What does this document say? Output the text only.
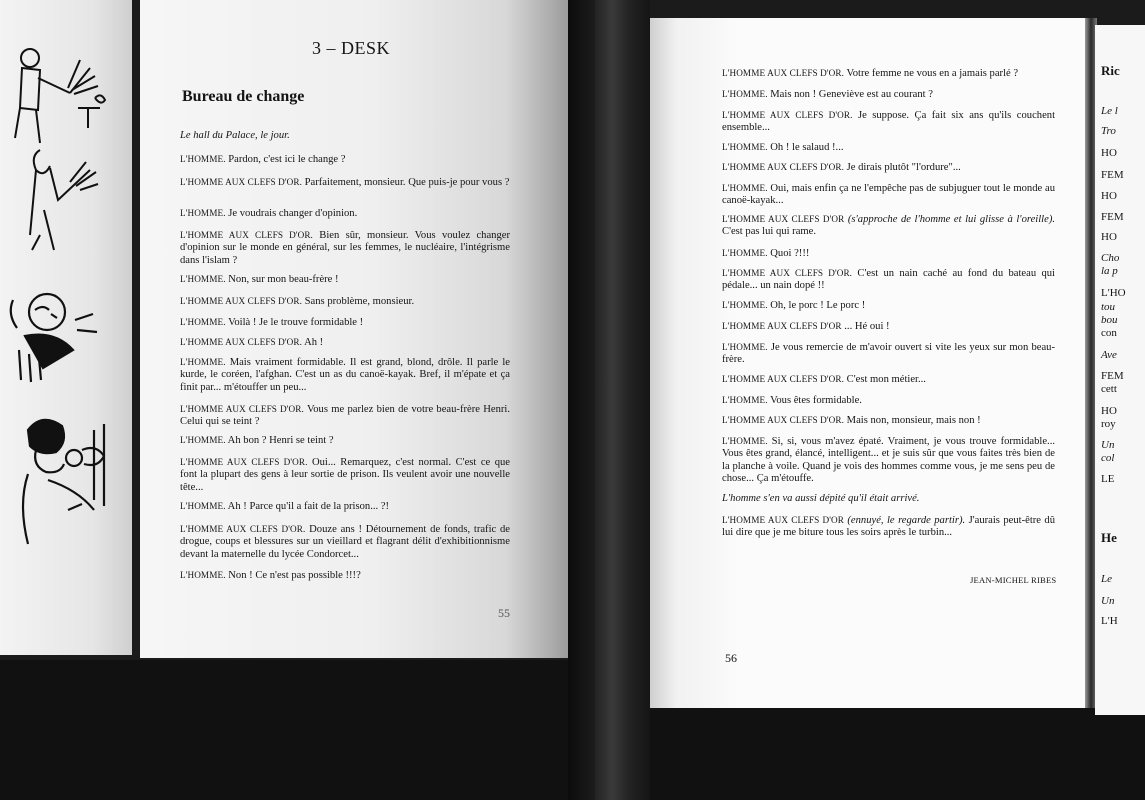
3 – DESK
Bureau de change
Le hall du Palace, le jour.
L'HOMME. Pardon, c'est ici le change ?
L'HOMME AUX CLEFS D'OR. Parfaitement, monsieur. Que puis-je pour vous ?
L'HOMME. Je voudrais changer d'opinion.
L'HOMME AUX CLEFS D'OR. Bien sûr, monsieur. Vous voulez changer d'opinion sur le monde en général, sur les femmes, le nucléaire, l'intégrisme dans l'islam ?
L'HOMME. Non, sur mon beau-frère !
L'HOMME AUX CLEFS D'OR. Sans problème, monsieur.
L'HOMME. Voilà ! Je le trouve formidable !
L'HOMME AUX CLEFS D'OR. Ah !
L'HOMME. Mais vraiment formidable. Il est grand, blond, drôle. Il parle le kurde, le coréen, l'afghan. C'est un as du canoë-kayak. Bref, il m'épate et ça finit par... m'étouffer un peu...
L'HOMME AUX CLEFS D'OR. Vous me parlez bien de votre beau-frère Henri. Celui qui se teint ?
L'HOMME. Ah bon ? Henri se teint ?
L'HOMME AUX CLEFS D'OR. Oui... Remarquez, c'est normal. C'est ce que font la plupart des gens à leur sortie de prison. Ils veulent avoir une nouvelle tête...
L'HOMME. Ah ! Parce qu'il a fait de la prison... ?!
L'HOMME AUX CLEFS D'OR. Douze ans ! Détournement de fonds, trafic de drogue, coups et blessures sur un vieillard et flagrant délit d'exhibitionnisme devant la maternelle du lycée Condorcet...
L'HOMME. Non ! Ce n'est pas possible !!!?
55
L'HOMME AUX CLEFS D'OR. Votre femme ne vous en a jamais parlé ?
L'HOMME. Mais non ! Geneviève est au courant ?
L'HOMME AUX CLEFS D'OR. Je suppose. Ça fait six ans qu'ils couchent ensemble...
L'HOMME. Oh ! le salaud !...
L'HOMME AUX CLEFS D'OR. Je dirais plutôt "l'ordure"...
L'HOMME. Oui, mais enfin ça ne l'empêche pas de subjuguer tout le monde au canoë-kayak...
L'HOMME AUX CLEFS D'OR (s'approche de l'homme et lui glisse à l'oreille). C'est pas lui qui rame.
L'HOMME. Quoi ?!!!
L'HOMME AUX CLEFS D'OR. C'est un nain caché au fond du bateau qui pédale... un nain dopé !!
L'HOMME. Oh, le porc ! Le porc !
L'HOMME AUX CLEFS D'OR ... Hé oui !
L'HOMME. Je vous remercie de m'avoir ouvert si vite les yeux sur mon beau-frère.
L'HOMME AUX CLEFS D'OR. C'est mon métier...
L'HOMME. Vous êtes formidable.
L'HOMME AUX CLEFS D'OR. Mais non, monsieur, mais non !
L'HOMME. Si, si, vous m'avez épaté. Vraiment, je vous trouve formidable... Vous êtes grand, élancé, intelligent... et je suis sûr que vous faites très bien de la planche à voile. Quand je vois des hommes comme vous, je me sens peu de chose... Ça m'étouffe.
L'homme s'en va aussi dépité qu'il était arrivé.
L'HOMME AUX CLEFS D'OR (ennuyé, le regarde partir). J'aurais peut-être dû lui dire que je me biture tous les soirs après le turbin...
JEAN-MICHEL RIBES
56
Ric
Le l
Tro
HO
FEM
HO
FEM
HO
Cho
la p
L'HO
tou
bou
con
Ave
FEM
cett
HO
roy
Un
col
LE
He
Le
Un
L'H
